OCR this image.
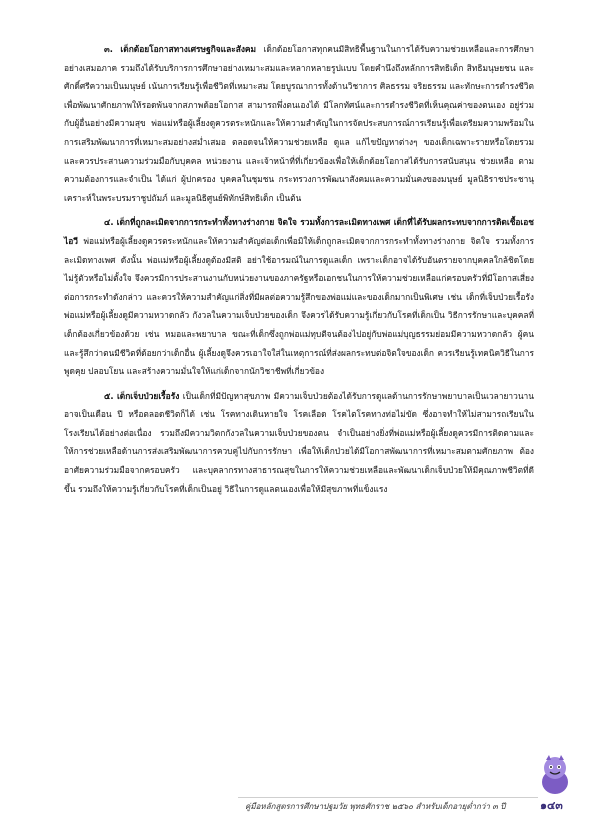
๓. เด็กด้อยโอกาสทางเศรษฐกิจและสังคม เด็กด้อยโอกาสทุกคนมีสิทธิพื้นฐานในการได้รับความช่วยเหลือและการศึกษาอย่างเสมอภาค รวมถึงได้รับบริการการศึกษาอย่างเหมาะสมและหลากหลายรูปแบบ โดยคำนึงถึงหลักการสิทธิเด็ก สิทธิมนุษยชน และศักดิ์ศรีความเป็นมนุษย์ เน้นการเรียนรู้เพื่อชีวิตที่เหมาะสม โดยบูรณาการทั้งด้านวิชาการ ศิลธรรม จริยธรรม และทักษะการดำรงชีวิต เพื่อพัฒนาศักยภาพให้รอดพ้นจากสภาพด้อยโอกาส สามารถพึ่งตนเองได้ มีโลกทัศน์และการดำรงชีวิตที่เห็นคุณค่าของตนเอง อยู่ร่วมกับผู้อื่นอย่างมีความสุข พ่อแม่หรือผู้เลี้ยงดูควรตระหนักและให้ความสำคัญในการจัดประสบการณ์การเรียนรู้เพื่อเตรียมความพร้อมในการเสริมพัฒนาการที่เหมาะสมอย่างสม่ำเสมอ ตลอดจนให้ความช่วยเหลือ ดูแล แก้ไขปัญหาต่างๆ ของเด็กเฉพาะรายหรือโดยรวม และควรประสานความร่วมมือกับบุคคล หน่วยงาน และเจ้าหน้าที่ที่เกี่ยวข้องเพื่อให้เด็กด้อยโอกาสได้รับการสนับสนุน ช่วยเหลือ ตามความต้องการและจำเป็น ได้แก่ ผู้ปกครอง บุคคลในชุมชน กระทรวงการพัฒนาสังคมและความมั่นคงของมนุษย์ มูลนิธิราชประชานุเคราะห์ในพระบรมราชูปถัมภ์ และมูลนิธิศูนย์พิทักษ์สิทธิเด็ก เป็นต้น

๔. เด็กที่ถูกละเมิดจากการกระทำทั้งทางร่างกาย จิตใจ รวมทั้งการละเมิดทางเพศ เด็กที่ได้รับผลกระทบจากการติดเชื้อเอชไอวี พ่อแม่หรือผู้เลี้ยงดูควรตระหนักและให้ความสำคัญต่อเด็กเพื่อมิให้เด็กถูกละเมิดจากการกระทำทั้งทางร่างกาย จิตใจ รวมทั้งการละเมิดทางเพศ ดังนั้น พ่อแม่หรือผู้เลี้ยงดูต้องมีสติ อย่าใช้อารมณ์ในการดูแลเด็ก เพราะเด็กอาจได้รับอันตรายจากบุคคลใกล้ชิดโดยไม่รู้ตัวหรือไม่ตั้งใจ จึงควรมีการประสานงานกับหน่วยงานของภาครัฐหรือเอกชนในการให้ความช่วยเหลือแก่ครอบครัวที่มีโอกาสเสี่ยงต่อการกระทำดังกล่าว และควรให้ความสำคัญแก่สิ่งที่มีผลต่อความรู้สึกของพ่อแม่และของเด็กมากเป็นพิเศษ เช่น เด็กที่เจ็บป่วยเรื้อรัง พ่อแม่หรือผู้เลี้ยงดูมีความหวาดกลัว กังวลในความเจ็บป่วยของเด็ก จึงควรได้รับความรู้เกี่ยวกับโรคที่เด็กเป็น วิธีการรักษาและบุคคลที่เด็กต้องเกี่ยวข้องด้วย เช่น หมอและพยาบาล ขณะที่เด็กซึ่งถูกพ่อแม่ทุบตีจนต้องไปอยู่กับพ่อแม่บุญธรรมย่อมมีความหวาดกลัว ผู้คนและรู้สึกว่าตนมีชีวิตที่ด้อยกว่าเด็กอื่น ผู้เลี้ยงดูจึงควรเอาใจใส่ในเหตุการณ์ที่ส่งผลกระทบต่อจิตใจของเด็ก ควรเรียนรู้เทคนิควิธีในการพูดคุย ปลอบโยน และสร้างความมั่นใจให้แก่เด็กจากนักวิชาชีพที่เกี่ยวข้อง

๕. เด็กเจ็บป่วยเรื้อรัง เป็นเด็กที่มีปัญหาสุขภาพ มีความเจ็บป่วยต้องได้รับการดูแลด้านการรักษาพยาบาลเป็นเวลายาวนาน อาจเป็นเดือน ปี หรือตลอดชีวิตก็ได้ เช่น โรคทางเดินหายใจ โรคเลือด โรคไตโรคทางท่อไม่ขัด ซึ่งอาจทำให้ไม่สามารถเรียนในโรงเรียนได้อย่างต่อเนื่อง รวมถึงมีความวิตกกังวลในความเจ็บป่วยของตน จำเป็นอย่างยิ่งที่พ่อแม่หรือผู้เลี้ยงดูควรมีการติดตามและให้การช่วยเหลือด้านการส่งเสริมพัฒนาการควบคู่ไปกับการรักษา เพื่อให้เด็กป่วยได้มีโอกาสพัฒนาการที่เหมาะสมตามศักยภาพ ต้องอาศัยความร่วมมือจากครอบครัว และบุคลากรทางสาธารณสุขในการให้ความช่วยเหลือและพัฒนาเด็กเจ็บป่วยให้มีคุณภาพชีวิตที่ดีขึ้น รวมถึงให้ความรู้เกี่ยวกับโรคที่เด็กเป็นอยู่ วิธีในการดูแลตนเองเพื่อให้มีสุขภาพที่แข็งแรง

คู่มือหลักสูตรการศึกษาปฐมวัย พุทธศักราช ๒๕๖๐ สำหรับเด็กอายุต่ำกว่า ๓ ปี	๑๔๓
